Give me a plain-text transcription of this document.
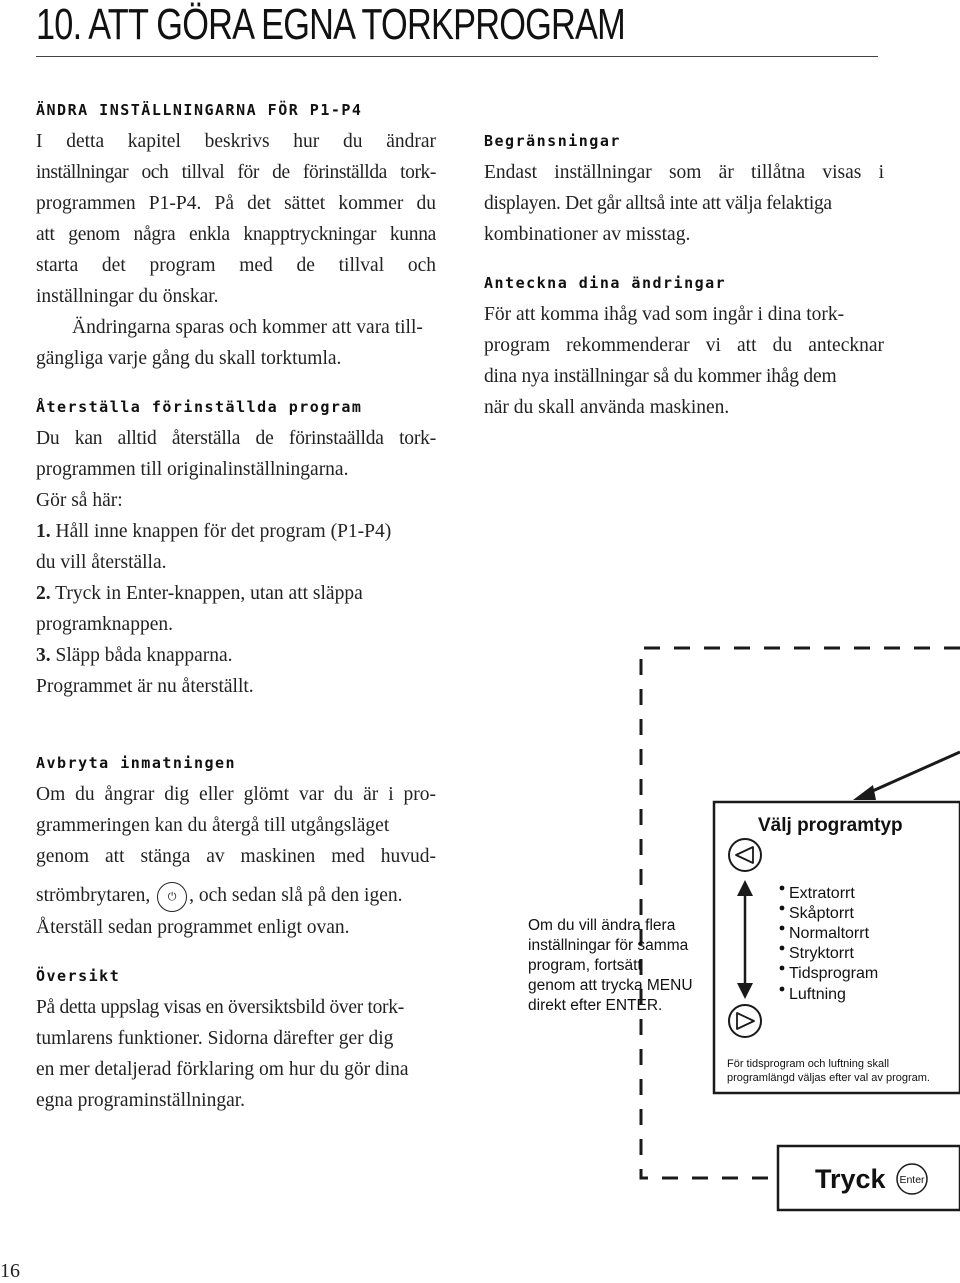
10. ATT GÖRA EGNA TORKPROGRAM
ÄNDRA INSTÄLLNINGARNA FÖR P1-P4

I detta kapitel beskrivs hur du ändrar

inställningar och tillval för de förinställda tork-

programmen P1-P4. På det sättet kommer du

att genom några enkla knapptryckningar kunna

starta det program med de tillval och

inställningar du önskar.

Ändringarna sparas och kommer att vara till-

gängliga varje gång du skall torktumla.

Återställa förinställda program

Du kan alltid återställa de förinstaällda tork-

programmen till originalinställningarna.

Gör så här:

1. Håll inne knappen för det program (P1-P4)

du vill återställa.

2. Tryck in Enter-knappen, utan att släppa

programknappen.

3. Släpp båda knapparna.

Programmet är nu återställt.

Avbryta inmatningen

Om du ångrar dig eller glömt var du är i pro-

grammeringen kan du återgå till utgångsläget

genom att stänga av maskinen med huvud-

strömbrytaren, ⏻ , och sedan slå på den igen.

Återställ sedan programmet enligt ovan.

Översikt

På detta uppslag visas en översiktsbild över tork-

tumlarens funktioner. Sidorna därefter ger dig

en mer detaljerad förklaring om hur du gör dina

egna programinställningar.

Begränsningar

Endast inställningar som är tillåtna visas i

displayen. Det går alltså inte att välja felaktiga

kombinationer av misstag.

Anteckna dina ändringar

För att komma ihåg vad som ingår i dina tork-

program rekommenderar vi att du antecknar

dina nya inställningar så du kommer ihåg dem

när du skall använda maskinen.

Välj programtyp
Extratorrt
Skåptorrt
Normaltorrt
Stryktorrt
Tidsprogram
Luftning
För tidsprogram och luftning skall
programlängd väljas efter val av program.
Om du vill ändra flera
inställningar för samma
program, fortsätt
genom att trycka MENU
direkt efter ENTER.
Tryck Enter
16
